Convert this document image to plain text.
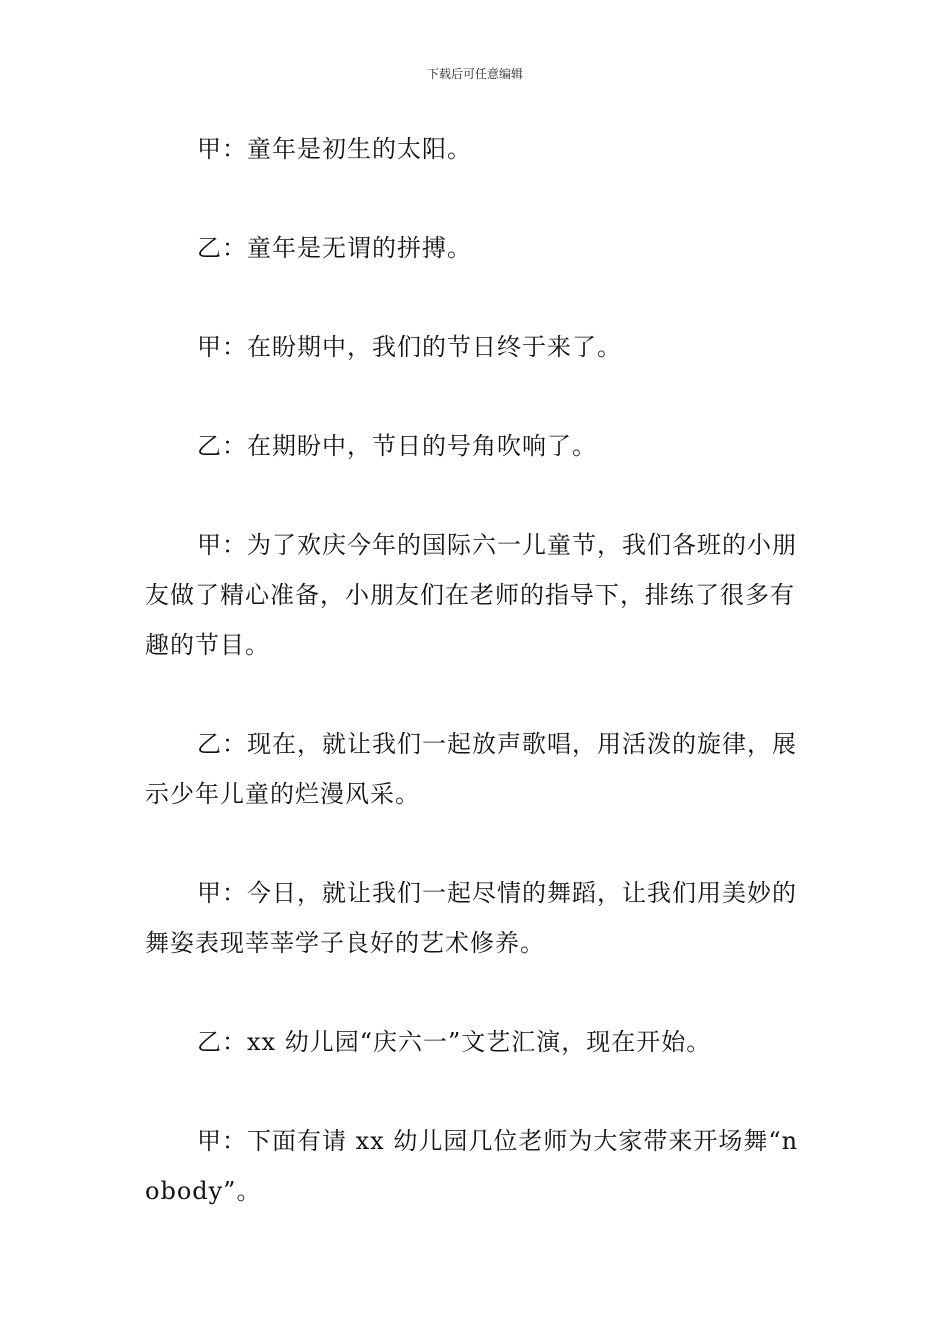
下载后可任意编辑

甲：童年是初生的太阳。

乙：童年是无谓的拼搏。

甲：在盼期中，我们的节日终于来了。

乙：在期盼中，节日的号角吹响了。

甲：为了欢庆今年的国际六一儿童节，我们各班的小朋友做了精心准备，小朋友们在老师的指导下，排练了很多有趣的节目。

乙：现在，就让我们一起放声歌唱，用活泼的旋律，展示少年儿童的烂漫风采。

甲：今日，就让我们一起尽情的舞蹈，让我们用美妙的舞姿表现莘莘学子良好的艺术修养。

乙：xx 幼儿园“庆六一”文艺汇演，现在开始。

甲：下面有请 xx 幼儿园几位老师为大家带来开场舞“nobody”。
